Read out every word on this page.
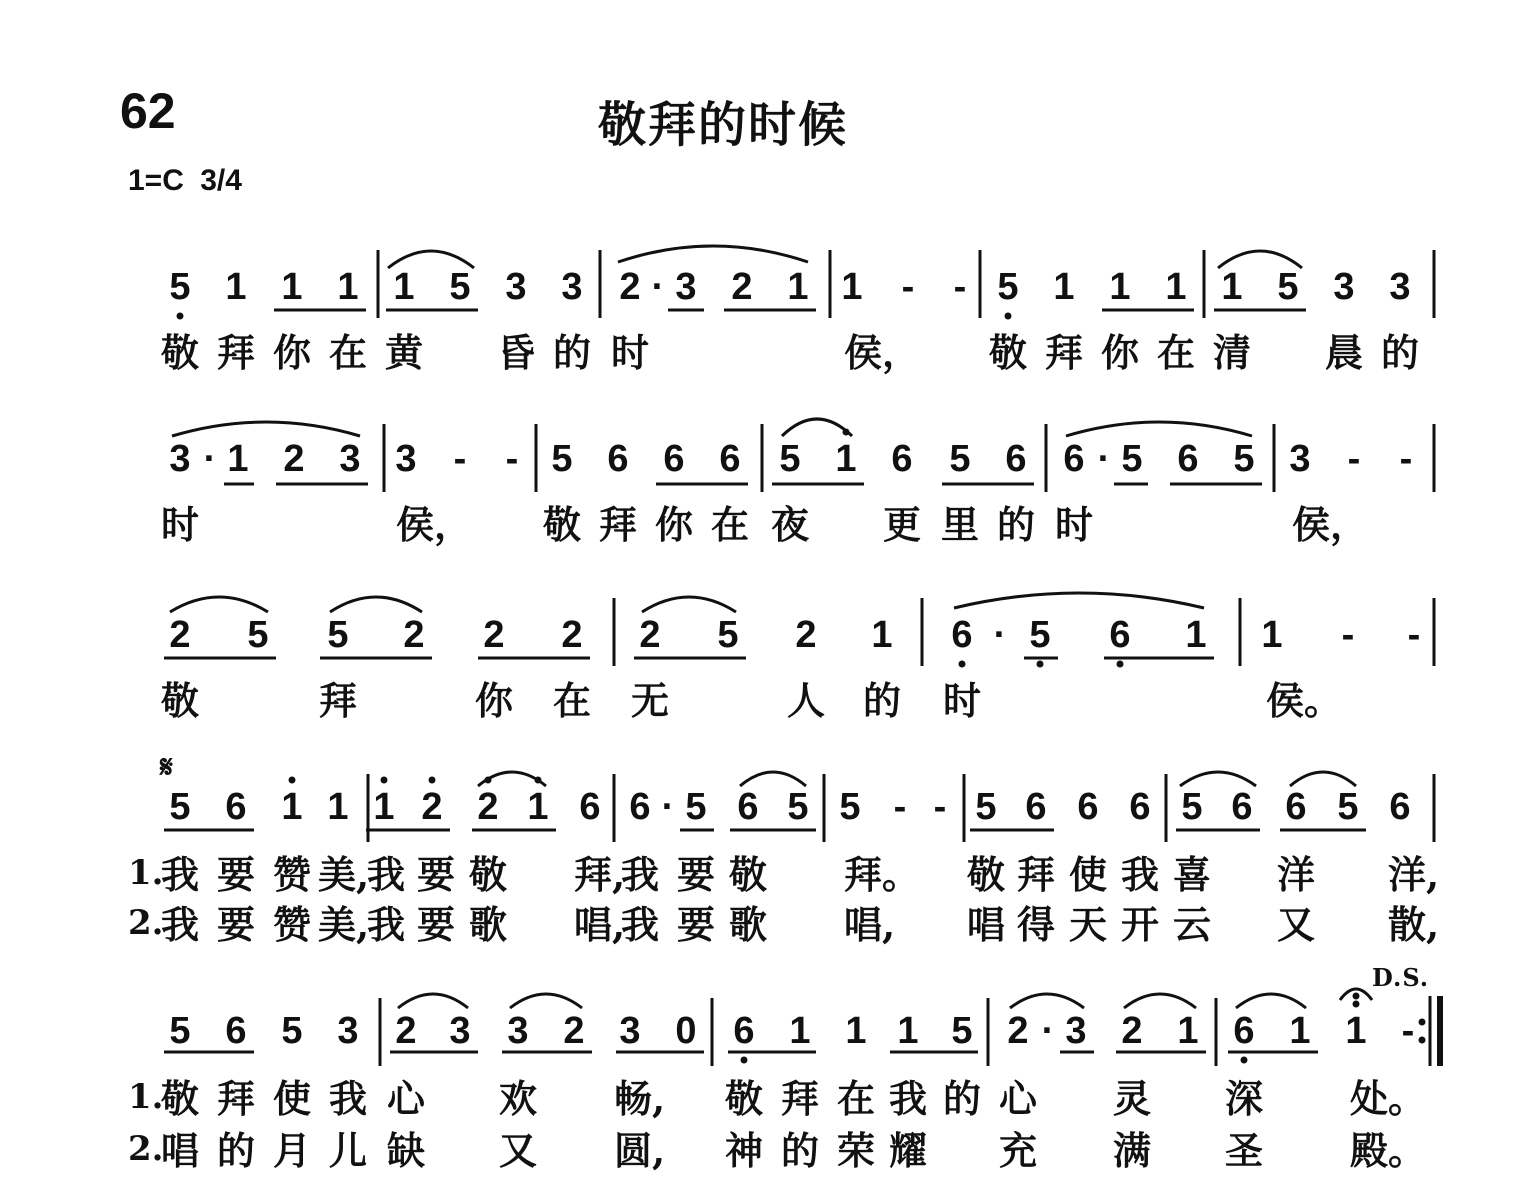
62	敬拜的时候
1=C 3/4
𝄋
D.S.
5 1 1 1 1 5 3 3 2 · 3 2 1 1 - - 5 1 1 1 1 5 3 3
敬 拜 你 在 黄 昏 的 时	侯， 敬 拜 你 在 清 晨 的
3 · 1 2 3 3 - - 5 6 6 6 5 1 6 5 6 6 · 5 6 5 3 - -
时	侯， 敬 拜 你 在 夜 更 里 的 时	侯，
2 5 5 2 2 2 2 5 2 1 6 · 5 6 1 1 - -
敬	拜	你 在 无	人 的 时	侯。
5 6 1 1 1 2 2 1 6 6 · 5 6 5 5 - - 5 6 6 6 5 6 6 5 6
1.
我 要 赞 美,
我 要 敬 拜,
我 要 敬 拜。 敬 拜 使 我 喜 洋 洋,
2.
我 要 赞 美,
我 要 歌 唱,
我 要 歌 唱, 唱 得 天 开 云 又 散,
5 6 5 3 2 3 3 2 3 0 6 1 1 1 5 2 · 3 2 1 6 1 1 -
1.
敬 拜 使 我 心 欢 畅, 敬 拜 在 我 的 心 灵 深 处。
2.
唱 的 月 儿 缺 又 圆, 神 的 荣 耀 充 满 圣 殿。
